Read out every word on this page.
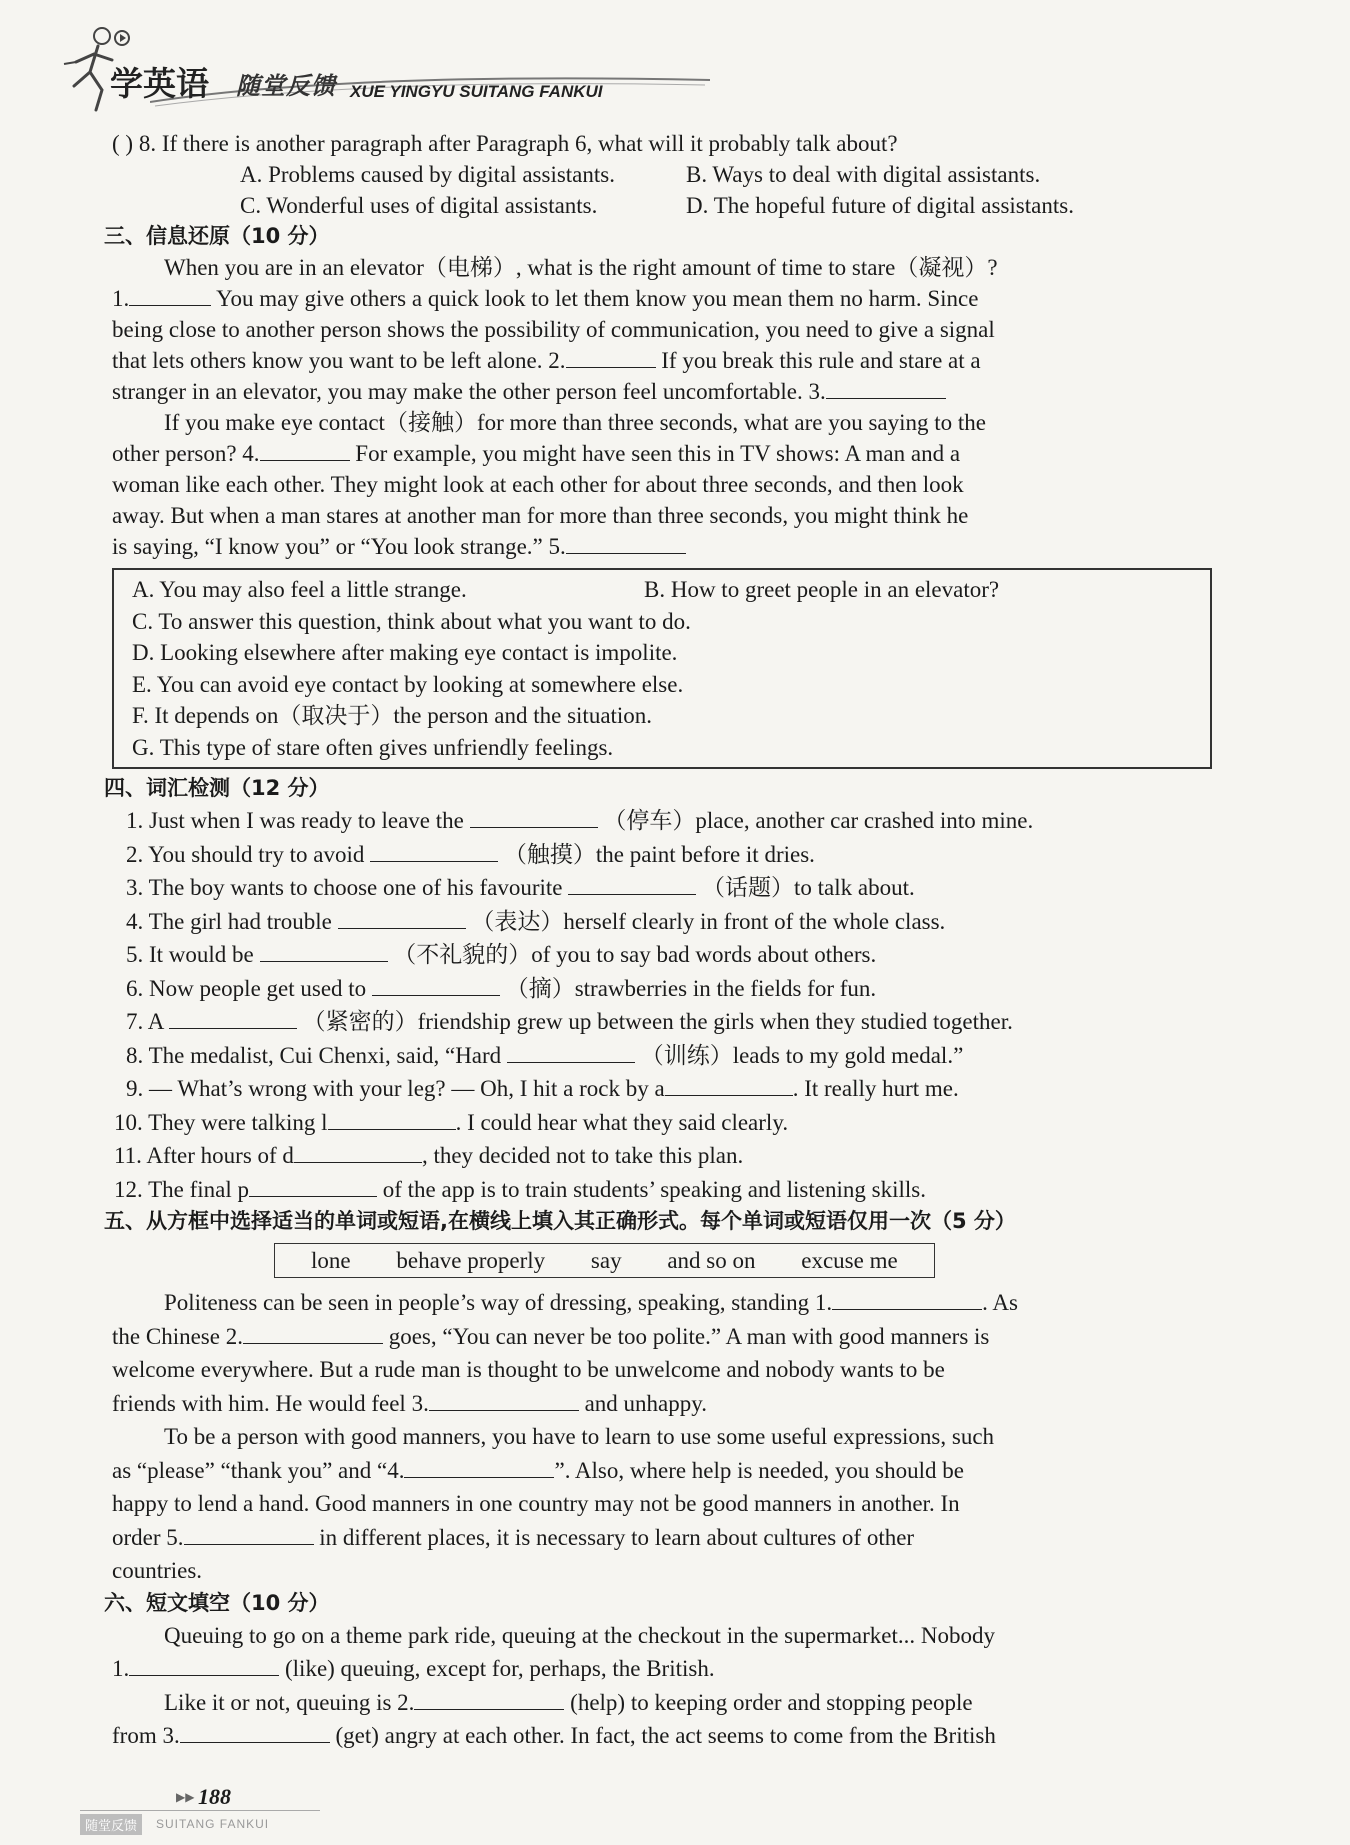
学英语 随堂反馈 XUE YINGYU SUITANG FANKUI
( ) 8. If there is another paragraph after Paragraph 6, what will it probably talk about?
A. Problems caused by digital assistants.	B. Ways to deal with digital assistants.
C. Wonderful uses of digital assistants.	D. The hopeful future of digital assistants.
三、信息还原（10 分）
When you are in an elevator（电梯）, what is the right amount of time to stare（凝视）?
1.	You may give others a quick look to let them know you mean them no harm. Since
being close to another person shows the possibility of communication, you need to give a signal
that lets others know you want to be left alone. 2.	If you break this rule and stare at a
stranger in an elevator, you may make the other person feel uncomfortable. 3.
If you make eye contact（接触）for more than three seconds, what are you saying to the
other person? 4.	For example, you might have seen this in TV shows: A man and a
woman like each other. They might look at each other for about three seconds, and then look
away. But when a man stares at another man for more than three seconds, you might think he
is saying, “I know you” or “You look strange.” 5.
A. You may also feel a little strange.	B. How to greet people in an elevator?
C. To answer this question, think about what you want to do.
D. Looking elsewhere after making eye contact is impolite.
E. You can avoid eye contact by looking at somewhere else.
F. It depends on（取决于）the person and the situation.
G. This type of stare often gives unfriendly feelings.
四、词汇检测（12 分）
1. Just when I was ready to leave the	（停车）place, another car crashed into mine.
2. You should try to avoid	（触摸）the paint before it dries.
3. The boy wants to choose one of his favourite	（话题）to talk about.
4. The girl had trouble	（表达）herself clearly in front of the whole class.
5. It would be	（不礼貌的）of you to say bad words about others.
6. Now people get used to	（摘）strawberries in the fields for fun.
7. A	（紧密的）friendship grew up between the girls when they studied together.
8. The medalist, Cui Chenxi, said, “Hard	（训练）leads to my gold medal.”
9. — What’s wrong with your leg? — Oh, I hit a rock by a	. It really hurt me.
10. They were talking l	. I could hear what they said clearly.
11. After hours of d	, they decided not to take this plan.
12. The final p	of the app is to train students’ speaking and listening skills.
五、从方框中选择适当的单词或短语,在横线上填入其正确形式。每个单词或短语仅用一次（5 分）
lone behave properly say and so on excuse me
Politeness can be seen in people’s way of dressing, speaking, standing 1.	. As
the Chinese 2.	goes, “You can never be too polite.” A man with good manners is
welcome everywhere. But a rude man is thought to be unwelcome and nobody wants to be
friends with him. He would feel 3.	and unhappy.
To be a person with good manners, you have to learn to use some useful expressions, such
as “please” “thank you” and “4.	”. Also, where help is needed, you should be
happy to lend a hand. Good manners in one country may not be good manners in another. In
order 5.	in different places, it is necessary to learn about cultures of other
countries.
六、短文填空（10 分）
Queuing to go on a theme park ride, queuing at the checkout in the supermarket... Nobody
1.	(like) queuing, except for, perhaps, the British.
Like it or not, queuing is 2.	(help) to keeping order and stopping people
from 3.	(get) angry at each other. In fact, the act seems to come from the British
▶▶ 188
随堂反馈	SUITANG FANKUI
